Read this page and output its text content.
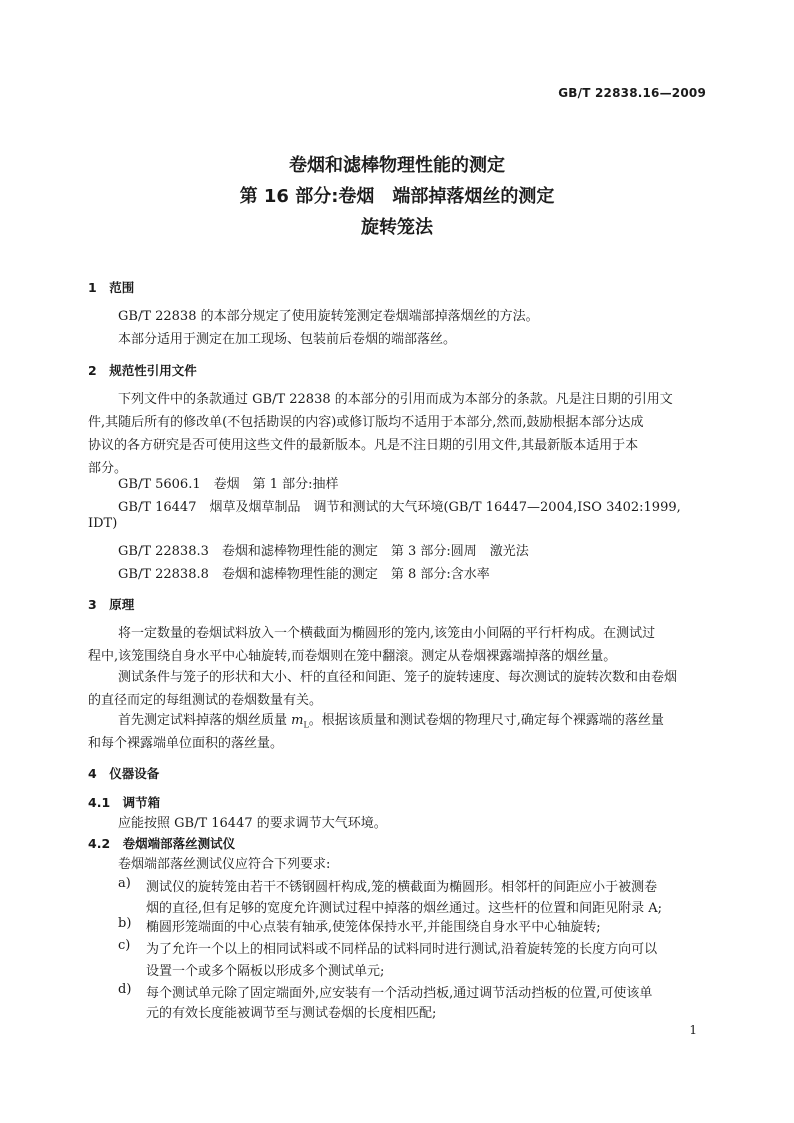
GB/T 22838.16—2009
卷烟和滤棒物理性能的测定
第 16 部分:卷烟　端部掉落烟丝的测定
旋转笼法
1　范围
GB/T 22838 的本部分规定了使用旋转笼测定卷烟端部掉落烟丝的方法。
本部分适用于测定在加工现场、包装前后卷烟的端部落丝。
2　规范性引用文件
下列文件中的条款通过 GB/T 22838 的本部分的引用而成为本部分的条款。凡是注日期的引用文
件,其随后所有的修改单(不包括勘误的内容)或修订版均不适用于本部分,然而,鼓励根据本部分达成
协议的各方研究是否可使用这些文件的最新版本。凡是不注日期的引用文件,其最新版本适用于本
部分。
GB/T 5606.1　卷烟　第 1 部分:抽样
GB/T 16447　烟草及烟草制品　调节和测试的大气环境(GB/T 16447—2004,ISO 3402:1999,
IDT)
GB/T 22838.3　卷烟和滤棒物理性能的测定　第 3 部分:圆周　激光法
GB/T 22838.8　卷烟和滤棒物理性能的测定　第 8 部分:含水率
3　原理
将一定数量的卷烟试料放入一个横截面为椭圆形的笼内,该笼由小间隔的平行杆构成。在测试过
程中,该笼围绕自身水平中心轴旋转,而卷烟则在笼中翻滚。测定从卷烟裸露端掉落的烟丝量。
测试条件与笼子的形状和大小、杆的直径和间距、笼子的旋转速度、每次测试的旋转次数和由卷烟
的直径而定的每组测试的卷烟数量有关。
首先测定试料掉落的烟丝质量 $m_L$。根据该质量和测试卷烟的物理尺寸,确定每个裸露端的落丝量
和每个裸露端单位面积的落丝量。
4　仪器设备
4.1　调节箱
应能按照 GB/T 16447 的要求调节大气环境。
4.2　卷烟端部落丝测试仪
卷烟端部落丝测试仪应符合下列要求:
a) 测试仪的旋转笼由若干不锈钢圆杆构成,笼的横截面为椭圆形。相邻杆的间距应小于被测卷
烟的直径,但有足够的宽度允许测试过程中掉落的烟丝通过。这些杆的位置和间距见附录 A;
b) 椭圆形笼端面的中心点装有轴承,使笼体保持水平,并能围绕自身水平中心轴旋转;
c) 为了允许一个以上的相同试料或不同样品的试料同时进行测试,沿着旋转笼的长度方向可以
设置一个或多个隔板以形成多个测试单元;
d) 每个测试单元除了固定端面外,应安装有一个活动挡板,通过调节活动挡板的位置,可使该单
元的有效长度能被调节至与测试卷烟的长度相匹配;
1
